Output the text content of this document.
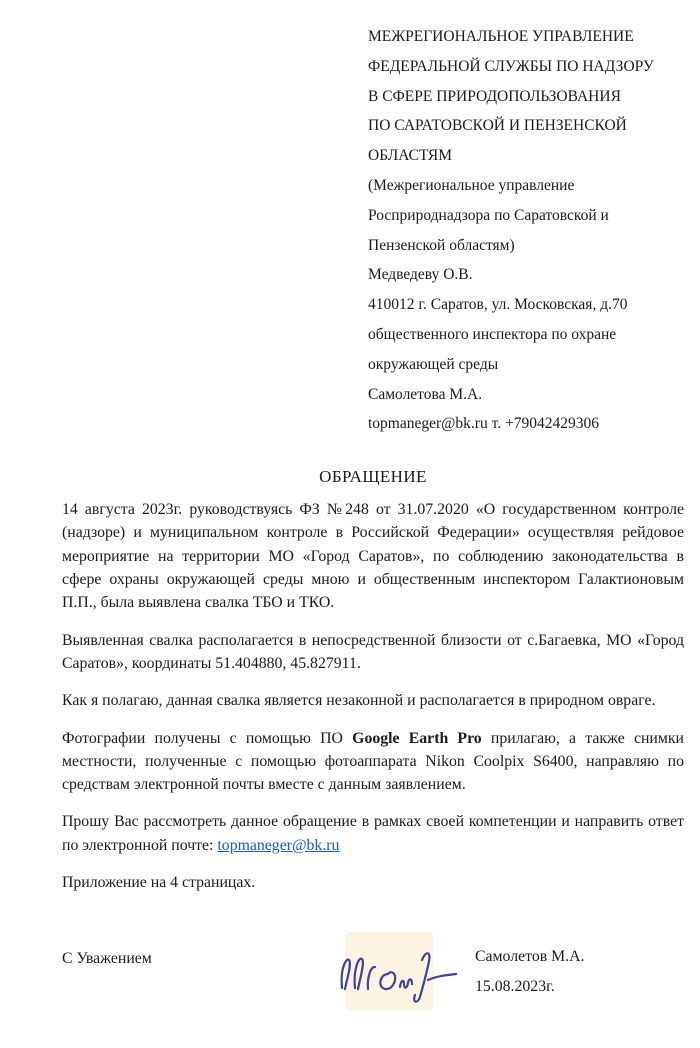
МЕЖРЕГИОНАЛЬНОЕ УПРАВЛЕНИЕ
ФЕДЕРАЛЬНОЙ СЛУЖБЫ ПО НАДЗОРУ
В СФЕРЕ ПРИРОДОПОЛЬЗОВАНИЯ
ПО САРАТОВСКОЙ И ПЕНЗЕНСКОЙ
ОБЛАСТЯМ
(Межрегиональное управление
Росприроднадзора по Саратовской и
Пензенской областям)
Медведеву О.В.
410012 г. Саратов, ул. Московская, д.70
общественного инспектора по охране
окружающей среды
Самолетова М.А.
topmaneger@bk.ru т. +79042429306
ОБРАЩЕНИЕ

14 августа 2023г. руководствуясь ФЗ №248 от 31.07.2020 «О государственном контроле (надзоре) и муниципальном контроле в Российской Федерации» осуществляя рейдовое мероприятие на территории МО «Город Саратов», по соблюдению законодательства в сфере охраны окружающей среды мною и общественным инспектором Галактионовым П.П., была выявлена свалка ТБО и ТКО.

Выявленная свалка располагается в непосредственной близости от с.Багаевка, МО «Город Саратов», координаты 51.404880, 45.827911.

Как я полагаю, данная свалка является незаконной и располагается в природном овраге.

Фотографии получены с помощью ПО Google Earth Pro прилагаю, а также снимки местности, полученные с помощью фотоаппарата Nikon Coolpix S6400, направляю по средствам электронной почты вместе с данным заявлением.

Прошу Вас рассмотреть данное обращение в рамках своей компетенции и направить ответ по электронной почте: topmaneger@bk.ru

Приложение на 4 страницах.

С Уважением	Самолетов М.А.
15.08.2023г.
